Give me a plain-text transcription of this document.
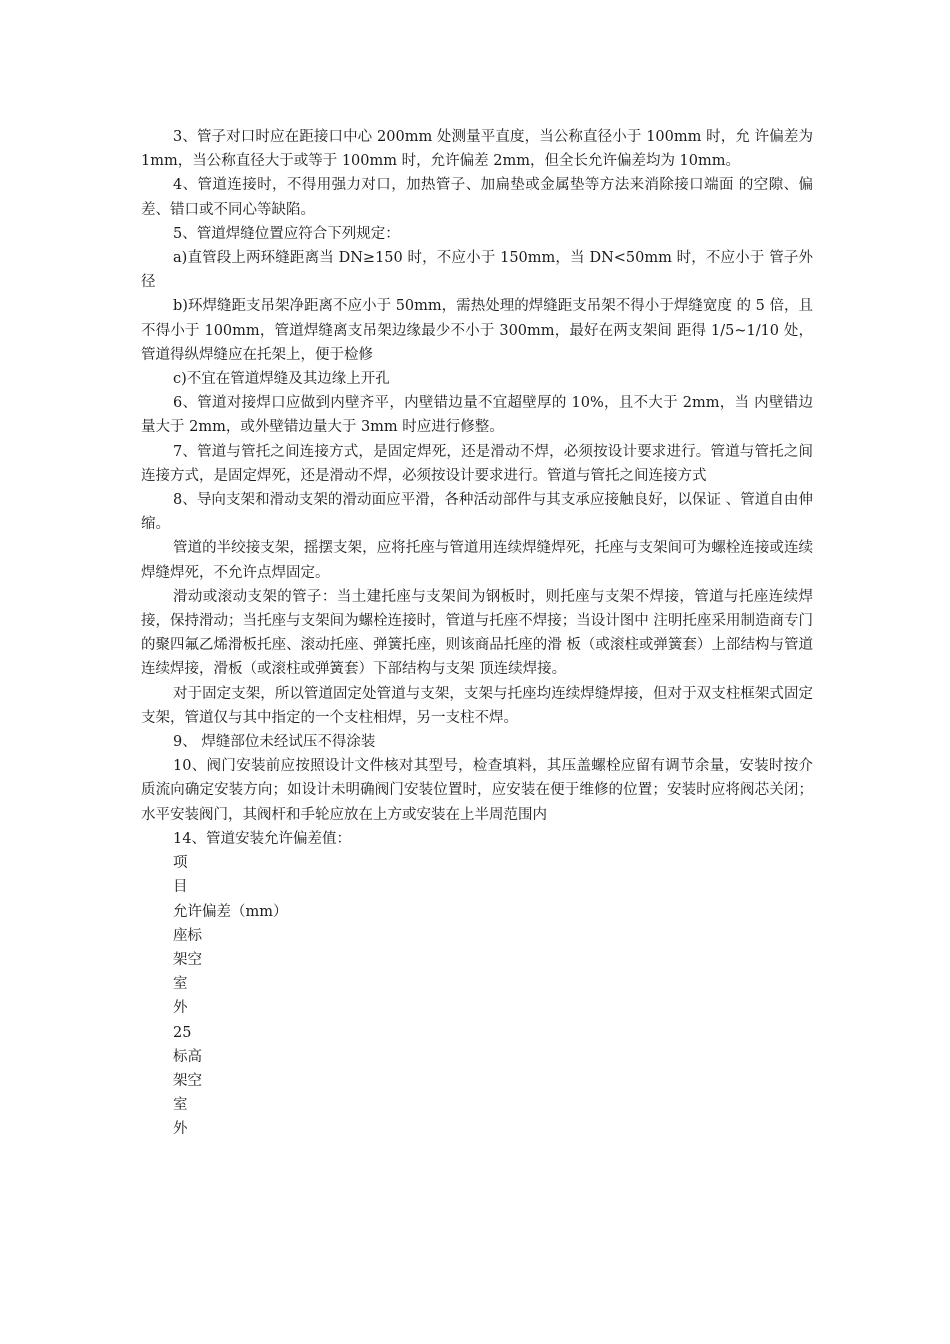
3、管子对口时应在距接口中心 200mm 处测量平直度，当公称直径小于 100mm 时，允 许偏差为 1mm，当公称直径大于或等于 100mm 时，允许偏差 2mm，但全长允许偏差均为 10mm。

4、管道连接时，不得用强力对口，加热管子、加扁垫或金属垫等方法来消除接口端面 的空隙、偏差、错口或不同心等缺陷。

5、管道焊缝位置应符合下列规定：

a)直管段上两环缝距离当 DN≥150 时，不应小于 150mm，当 DN<50mm 时，不应小于 管子外径

b)环焊缝距支吊架净距离不应小于 50mm，需热处理的焊缝距支吊架不得小于焊缝宽度 的 5 倍，且不得小于 100mm，管道焊缝离支吊架边缘最少不小于 300mm，最好在两支架间 距得 1/5~1/10 处，管道得纵焊缝应在托架上，便于检修

c)不宜在管道焊缝及其边缘上开孔

6、管道对接焊口应做到内壁齐平，内壁错边量不宜超壁厚的 10%，且不大于 2mm，当 内壁错边量大于 2mm，或外壁错边量大于 3mm 时应进行修整。

7、管道与管托之间连接方式，是固定焊死，还是滑动不焊，必须按设计要求进行。管道与管托之间连接方式，是固定焊死，还是滑动不焊，必须按设计要求进行。管道与管托之间连接方式

8、导向支架和滑动支架的滑动面应平滑，各种活动部件与其支承应接触良好，以保证 、管道自由伸缩。

管道的半绞接支架，摇摆支架，应将托座与管道用连续焊缝焊死，托座与支架间可为螺栓连接或连续焊缝焊死，不允许点焊固定。

滑动或滚动支架的管子：当土建托座与支架间为钢板时，则托座与支架不焊接，管道与托座连续焊接，保持滑动；当托座与支架间为螺栓连接时，管道与托座不焊接；当设计图中 注明托座采用制造商专门的聚四氟乙烯滑板托座、滚动托座、弹簧托座，则该商品托座的滑 板（或滚柱或弹簧套）上部结构与管道连续焊接，滑板（或滚柱或弹簧套）下部结构与支架 顶连续焊接。

对于固定支架，所以管道固定处管道与支架，支架与托座均连续焊缝焊接，但对于双支柱框架式固定支架，管道仅与其中指定的一个支柱相焊，另一支柱不焊。

9、 焊缝部位未经试压不得涂装

10、阀门安装前应按照设计文件核对其型号，检查填料，其压盖螺栓应留有调节余量，安装时按介质流向确定安装方向；如设计未明确阀门安装位置时，应安装在便于维修的位置；安装时应将阀芯关闭；水平安装阀门，其阀杆和手轮应放在上方或安装在上半周范围内

14、管道安装允许偏差值：

项
目
允许偏差（mm）
座标
架空
室
外
25
标高
架空
室
外
